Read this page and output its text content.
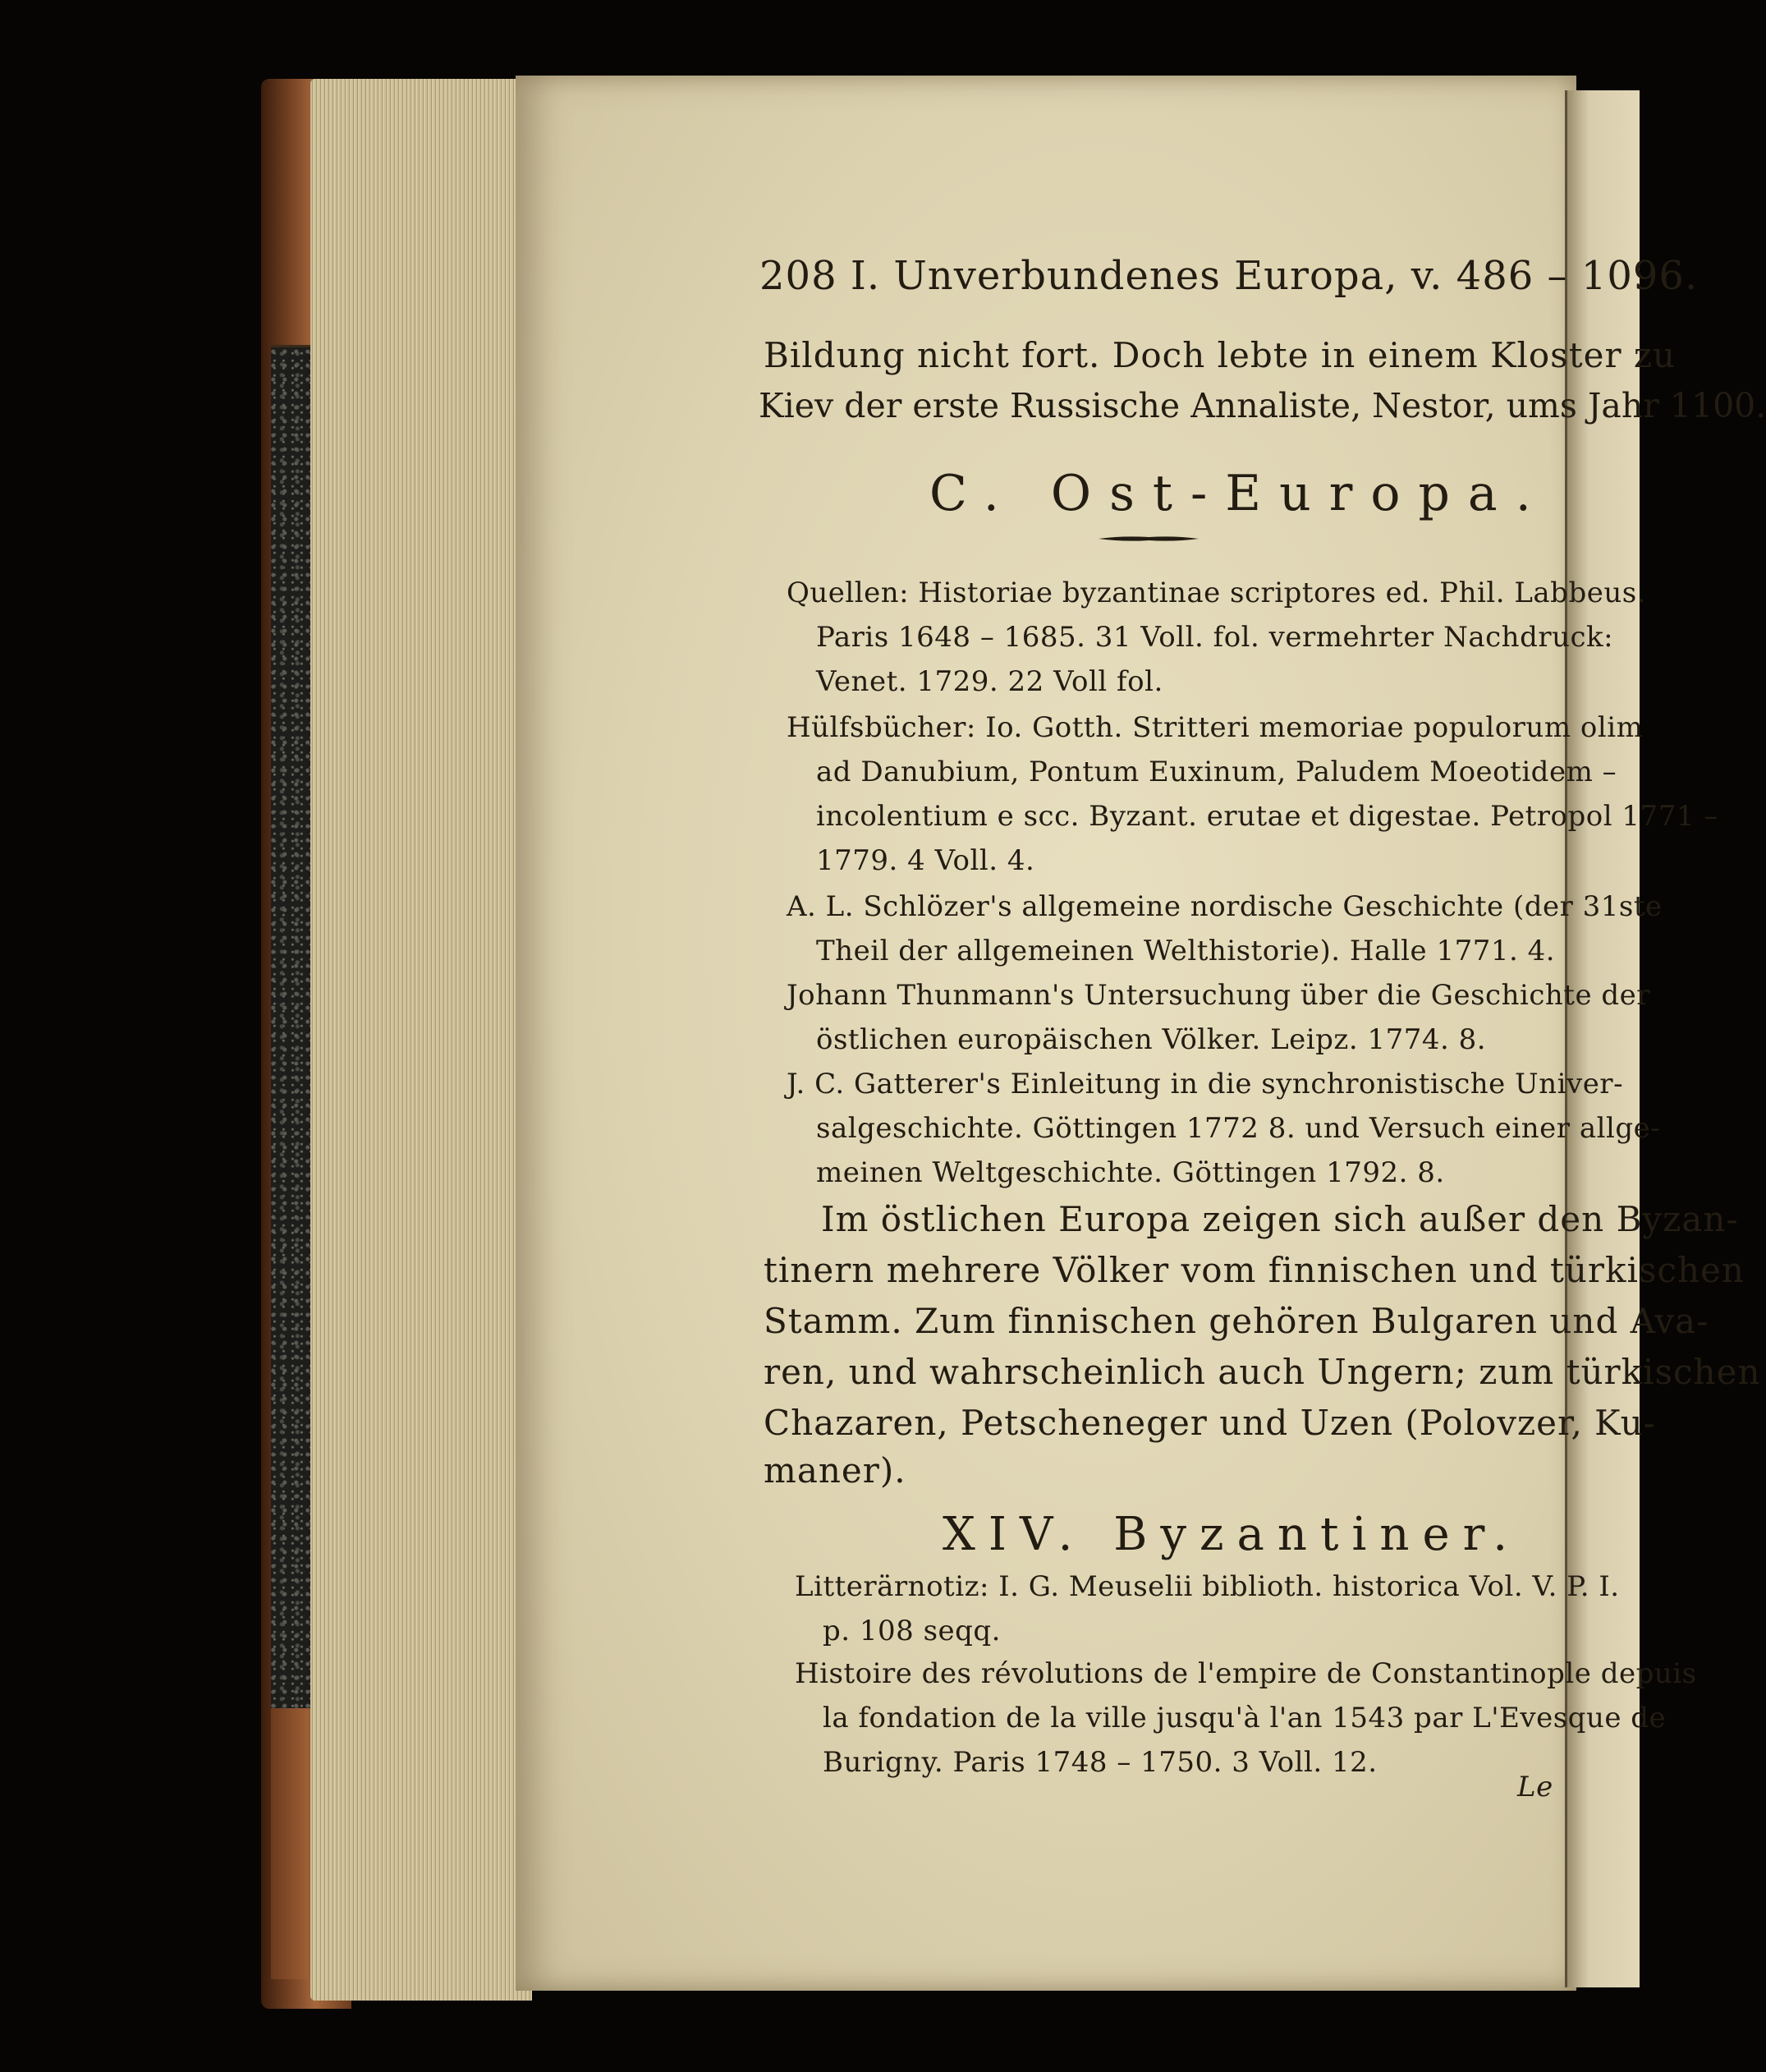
208 I. Unverbundenes Europa, v. 486 – 1096.
Bildung nicht fort. Doch lebte in einem Kloster zu
Kiev der erste Russische Annaliste, Nestor, ums Jahr 1100.
C. Ost-Europa.
Quellen: Historiae byzantinae scriptores ed. Phil. Labbeus.
Paris 1648 – 1685. 31 Voll. fol. vermehrter Nachdruck:
Venet. 1729. 22 Voll fol.
Hülfsbücher: Io. Gotth. Stritteri memoriae populorum olim
ad Danubium, Pontum Euxinum, Paludem Moeotidem –
incolentium e scc. Byzant. erutae et digestae. Petropol 1771 –
1779. 4 Voll. 4.
A. L. Schlözer's allgemeine nordische Geschichte (der 31ste
Theil der allgemeinen Welthistorie). Halle 1771. 4.
Johann Thunmann's Untersuchung über die Geschichte der
östlichen europäischen Völker. Leipz. 1774. 8.
J. C. Gatterer's Einleitung in die synchronistische Univer-
salgeschichte. Göttingen 1772 8. und Versuch einer allge-
meinen Weltgeschichte. Göttingen 1792. 8.
Im östlichen Europa zeigen sich außer den Byzan-
tinern mehrere Völker vom finnischen und türkischen
Stamm. Zum finnischen gehören Bulgaren und Ava-
ren, und wahrscheinlich auch Ungern; zum türkischen
Chazaren, Petscheneger und Uzen (Polovzer, Ku-
maner).
XIV. Byzantiner.
Litterärnotiz: I. G. Meuselii biblioth. historica Vol. V. P. I.
p. 108 seqq.
Histoire des révolutions de l'empire de Constantinople depuis
la fondation de la ville jusqu'à l'an 1543 par L'Evesque de
Burigny. Paris 1748 – 1750. 3 Voll. 12.
Le
